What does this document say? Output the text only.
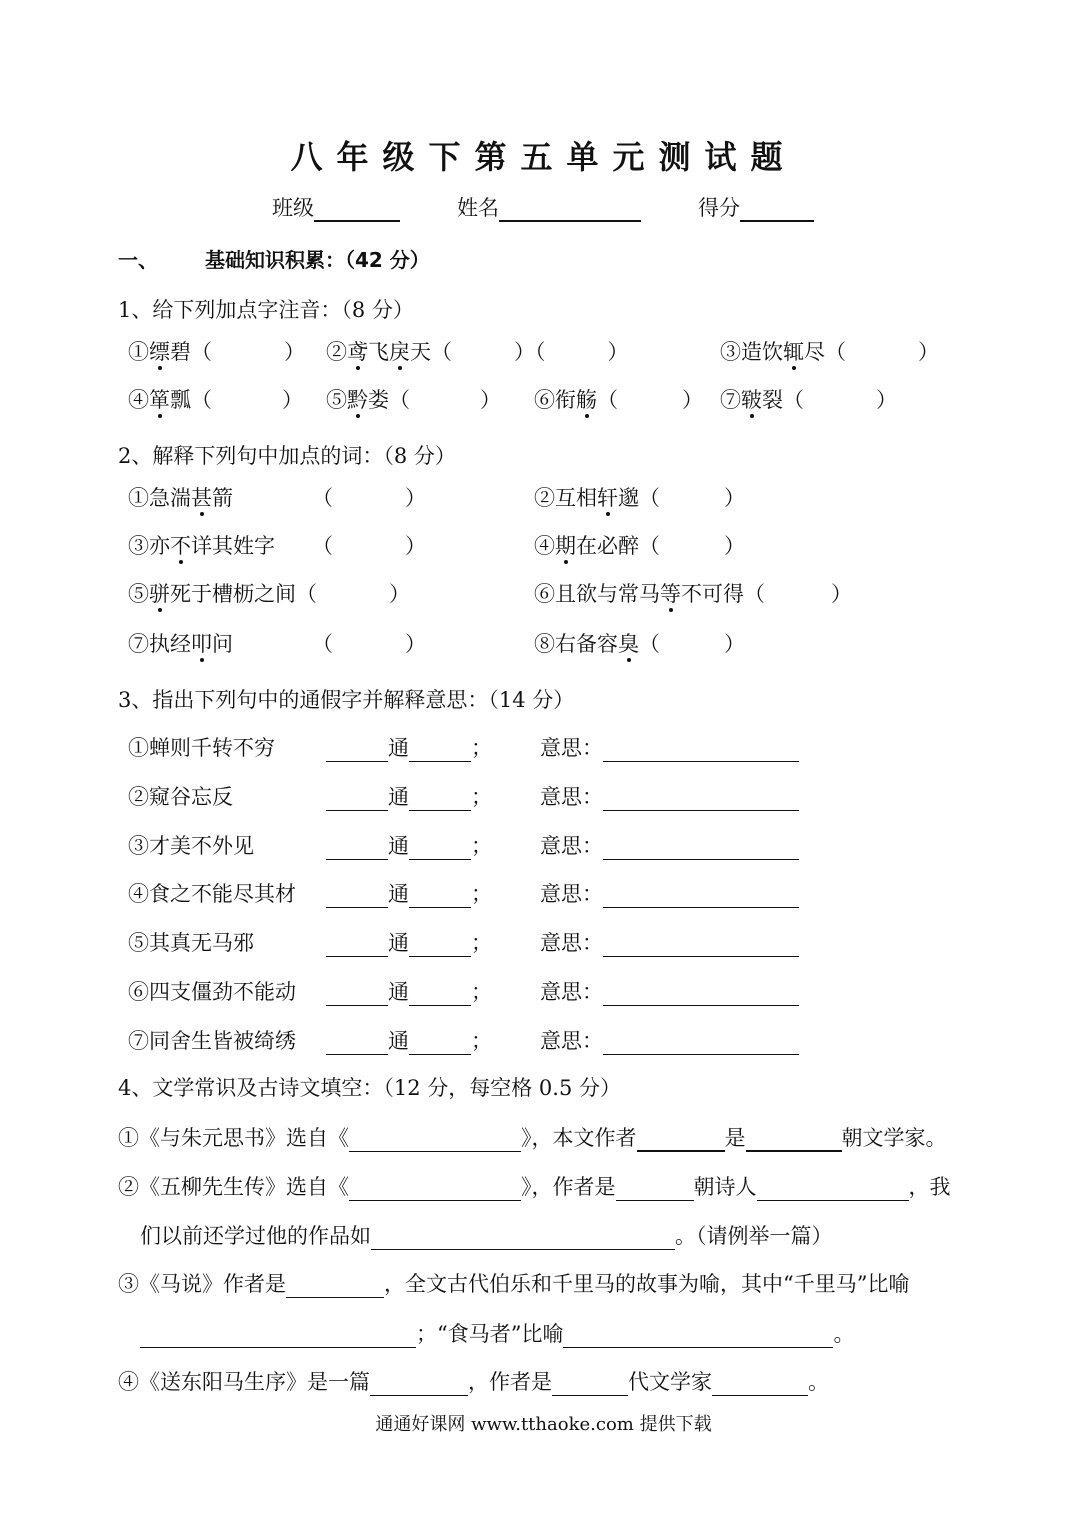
八年级下第五单元测试题
班级	姓名	得分
一、 基础知识积累：（42 分）
1、给下列加点字注音：（8 分）
①缥碧（	） ②鸢飞戾天（	）（	）	③造饮辄尽（	）
④箪瓢（	） ⑤黔娄（	） ⑥衔觞（	） ⑦皲裂（	）
2、解释下列句中加点的词：（8 分）
①急湍甚箭	（	）	②互相轩邈（	）
③亦不详其姓字 （	）	④期在必醉（	）
⑤骈死于槽枥之间（	）	⑥且欲与常马等不可得（	）
⑦执经叩问	（	）	⑧右备容臭（	）
3、指出下列句中的通假字并解释意思：（14 分）
①蝉则千转不穷	通	； 意思：
②窥谷忘反	通	； 意思：
③才美不外见	通	； 意思：
④食之不能尽其材	通	； 意思：
⑤其真无马邪	通	； 意思：
⑥四支僵劲不能动	通	； 意思：
⑦同舍生皆被绮绣	通	； 意思：
4、文学常识及古诗文填空：（12 分，每空格 0.5 分）
①《与朱元思书》选自《	》，本文作者	是	朝文学家。
②《五柳先生传》选自《	》，作者是	朝诗人	，我
们以前还学过他的作品如	。（请例举一篇）
③《马说》作者是	，全文古代伯乐和千里马的故事为喻，其中“千里马”比喻
；“食马者”比喻	。
④《送东阳马生序》是一篇	，作者是	代文学家	。
通通好课网 www.tthaoke.com 提供下载
